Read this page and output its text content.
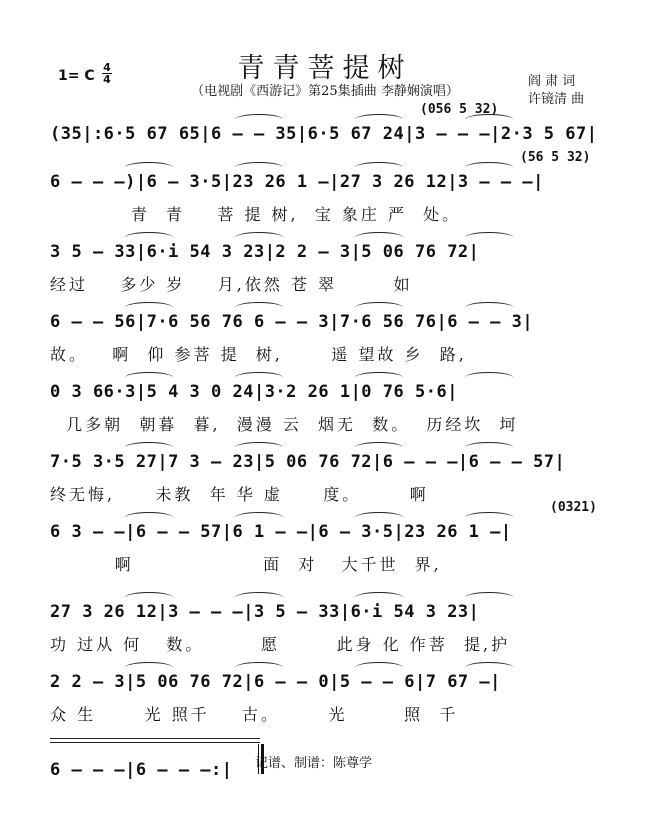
青青菩提树
（电视剧《西游记》第25集插曲 李静娴演唱）
1= C
4
4	阎 肃 词
许镜清 曲
(35|:6·5 67 65|6 — — 35|6·5 67 24|3 — — —|2·3 5 67|
(056 5 32)
6 — — —)|6 — 3·5|23 26 1 —|27 3 26 12|3 — — —|
青  青    菩 提 树,  宝 象庄 严  处。
(56 5 32)
3 5 — 33|6·i 54 3 23|2 2 — 3|5 06 76 72|
经过    多少 岁    月,依然 苍 翠       如
6 — — 56|7·6 56 76 6 — — 3|7·6 56 76|6 — — 3|
故。   啊  仰 参菩 提  树,      遥 望故 乡  路,
0 3 66·3|5 4 3 0 24|3·2 26 1|0 76 5·6|
几多朝  朝暮  暮,  漫漫 云  烟无  数。  历经坎  坷
7·5 3·5 27|7 3 — 23|5 06 76 72|6 — — —|6 — — 57|
终无悔,     未教  年 华 虚     度。      啊
6 3 — —|6 — — 57|6 1 — —|6 — 3·5|23 26 1 —|
啊                面  对   大千世  界,
(0321)
27 3 26 12|3 — — —|3 5 — 33|6·i 54 3 23|
功 过从 何   数。       愿       此身 化 作菩  提,护
2 2 — 3|5 06 76 72|6 — — 0|5 — — 6|7 67 —|
众 生      光 照千    古。      光       照  千
6 — — —|6 — — —:|	记谱、制谱：陈尊学
